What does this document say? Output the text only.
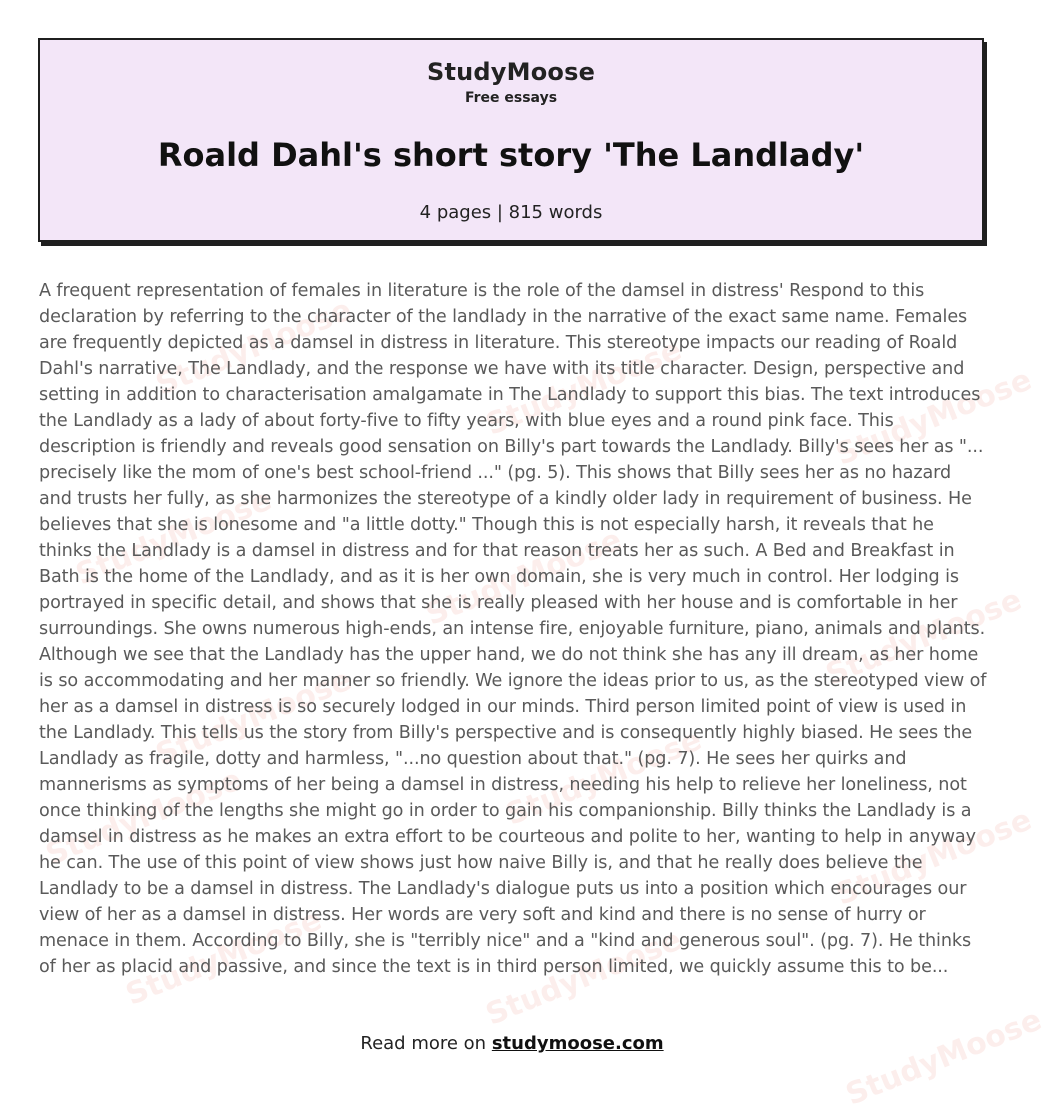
StudyMoose	StudyMoose	StudyMoose
StudyMoose	StudyMoose
StudyMoose
StudyMoose
StudyMoose
StudyMoose	StudyMoose
StudyMoose	StudyMoose
StudyMoose
StudyMoose
Free essays
Roald Dahl's short story 'The Landlady'
4 pages | 815 words

A frequent representation of females in literature is the role of the damsel in distress' Respond to this declaration by referring to the character of the landlady in the narrative of the exact same name. Females are frequently depicted as a damsel in distress in literature. This stereotype impacts our reading of Roald Dahl's narrative, The Landlady, and the response we have with its title character. Design, perspective and setting in addition to characterisation amalgamate in The Landlady to support this bias. The text introduces the Landlady as a lady of about forty-five to fifty years, with blue eyes and a round pink face. This description is friendly and reveals good sensation on Billy's part towards the Landlady. Billy's sees her as "... precisely like the mom of one's best school-friend ..." (pg. 5). This shows that Billy sees her as no hazard and trusts her fully, as she harmonizes the stereotype of a kindly older lady in requirement of business. He believes that she is lonesome and "a little dotty." Though this is not especially harsh, it reveals that he thinks the Landlady is a damsel in distress and for that reason treats her as such. A Bed and Breakfast in Bath is the home of the Landlady, and as it is her own domain, she is very much in control. Her lodging is portrayed in specific detail, and shows that she is really pleased with her house and is comfortable in her surroundings. She owns numerous high-ends, an intense fire, enjoyable furniture, piano, animals and plants. Although we see that the Landlady has the upper hand, we do not think she has any ill dream, as her home is so accommodating and her manner so friendly. We ignore the ideas prior to us, as the stereotyped view of her as a damsel in distress is so securely lodged in our minds. Third person limited point of view is used in the Landlady. This tells us the story from Billy's perspective and is consequently highly biased. He sees the Landlady as fragile, dotty and harmless, "...no question about that." (pg. 7). He sees her quirks and mannerisms as symptoms of her being a damsel in distress, needing his help to relieve her loneliness, not once thinking of the lengths she might go in order to gain his companionship. Billy thinks the Landlady is a damsel in distress as he makes an extra effort to be courteous and polite to her, wanting to help in anyway he can. The use of this point of view shows just how naive Billy is, and that he really does believe the Landlady to be a damsel in distress. The Landlady's dialogue puts us into a position which encourages our view of her as a damsel in distress. Her words are very soft and kind and there is no sense of hurry or menace in them. According to Billy, she is "terribly nice" and a "kind and generous soul". (pg. 7). He thinks of her as placid and passive, and since the text is in third person limited, we quickly assume this to be...

Read more on studymoose.com
